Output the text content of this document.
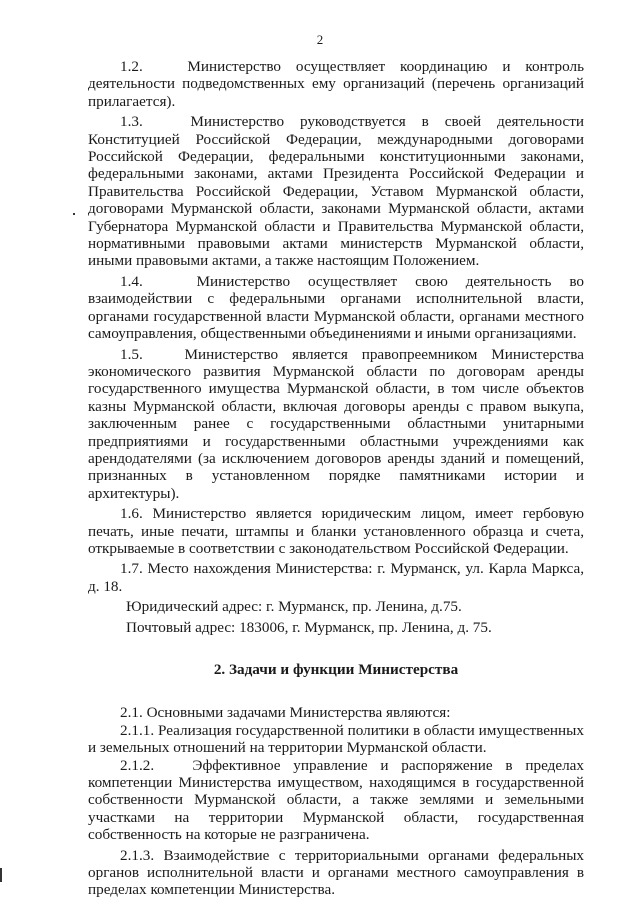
2

1.2.   Министерство осуществляет координацию и контроль деятельности подведомственных ему организаций (перечень организаций прилагается).

1.3.   Министерство руководствуется в своей деятельности Конституцией Российской Федерации, международными договорами Российской Федерации, федеральными конституционными законами, федеральными законами, актами Президента Российской Федерации и Правительства Российской Федерации, Уставом Мурманской области, договорами Мурманской области, законами Мурманской области, актами Губернатора Мурманской области и Правительства Мурманской области, нормативными правовыми актами министерств Мурманской области, иными правовыми актами, а также настоящим Положением.

1.4.   Министерство осуществляет свою деятельность во взаимодействии с федеральными органами исполнительной власти, органами государственной власти Мурманской области, органами местного самоуправления, общественными объединениями и иными организациями.

1.5.   Министерство является правопреемником Министерства экономического развития Мурманской области по договорам аренды государственного имущества Мурманской области, в том числе объектов казны Мурманской области, включая договоры аренды с правом выкупа, заключенным ранее с государственными областными унитарными предприятиями и государственными областными учреждениями как арендодателями (за исключением договоров аренды зданий и помещений, признанных в установленном порядке памятниками истории и архитектуры).

1.6. Министерство является юридическим лицом, имеет гербовую печать, иные печати, штампы и бланки установленного образца и счета, открываемые в соответствии с законодательством Российской Федерации.

1.7. Место нахождения Министерства: г. Мурманск, ул. Карла Маркса, д. 18.

Юридический адрес: г. Мурманск, пр. Ленина, д.75.

Почтовый адрес: 183006, г. Мурманск, пр. Ленина, д. 75.

2. Задачи и функции Министерства

2.1. Основными задачами Министерства являются:

2.1.1. Реализация государственной политики в области имущественных и земельных отношений на территории Мурманской области.

2.1.2.   Эффективное управление и распоряжение в пределах компетенции Министерства имуществом, находящимся в государственной собственности Мурманской области, а также землями и земельными участками на территории Мурманской области, государственная собственность на которые не разграничена.

2.1.3. Взаимодействие с территориальными органами федеральных органов исполнительной власти и органами местного самоуправления в пределах компетенции Министерства.
